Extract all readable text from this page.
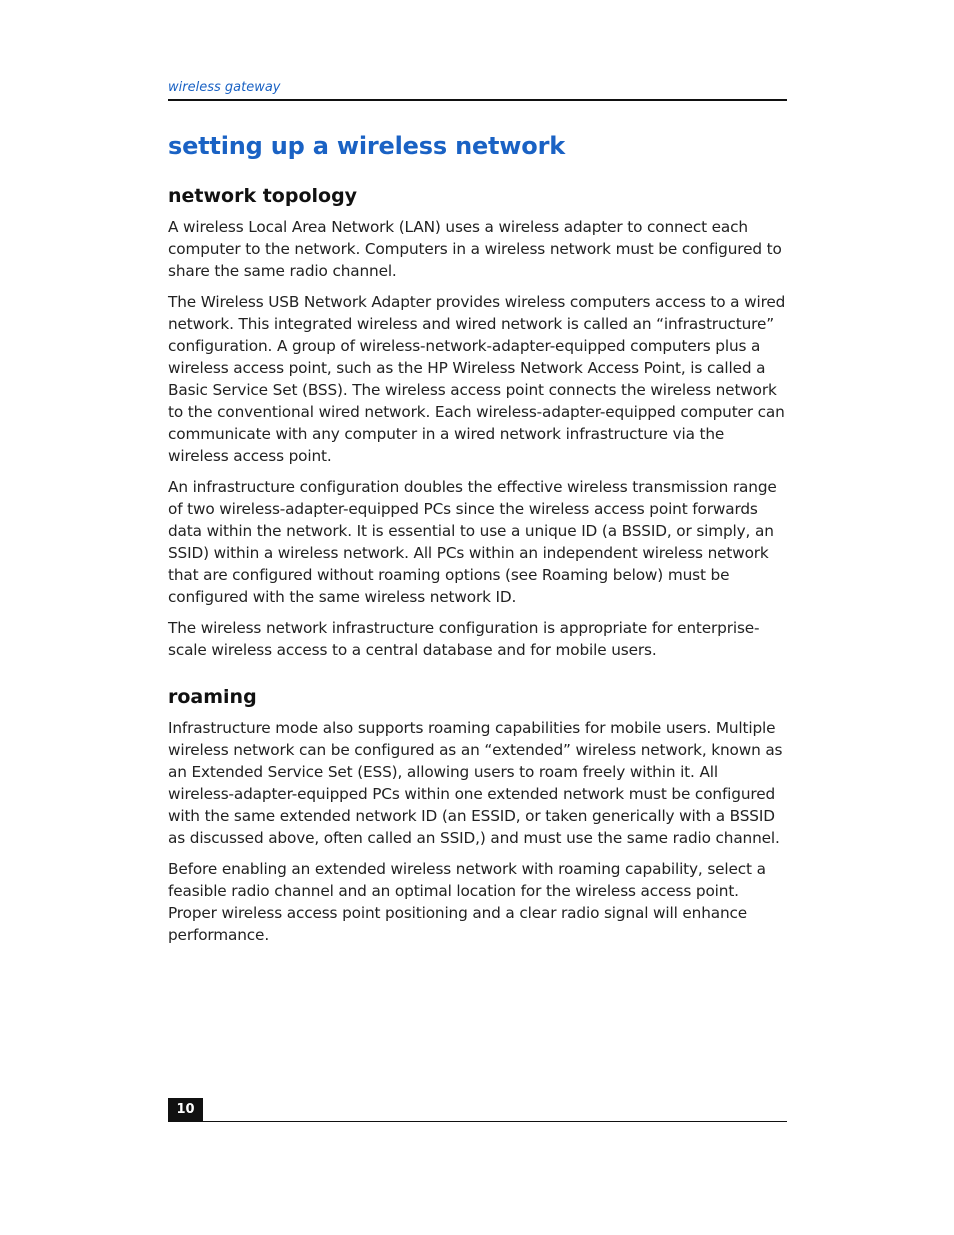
wireless gateway
setting up a wireless network
network topology

A wireless Local Area Network (LAN) uses a wireless adapter to connect each computer to the network. Computers in a wireless network must be configured to share the same radio channel.

The Wireless USB Network Adapter provides wireless computers access to a wired network. This integrated wireless and wired network is called an “infrastructure” configuration. A group of wireless-network-adapter-equipped computers plus a wireless access point, such as the HP Wireless Network Access Point, is called a Basic Service Set (BSS). The wireless access point connects the wireless network to the conventional wired network. Each wireless-adapter-equipped computer can communicate with any computer in a wired network infrastructure via the wireless access point.

An infrastructure configuration doubles the effective wireless transmission range of two wireless-adapter-equipped PCs since the wireless access point forwards data within the network. It is essential to use a unique ID (a BSSID, or simply, an SSID) within a wireless network. All PCs within an independent wireless network that are configured without roaming options (see Roaming below) must be configured with the same wireless network ID.

The wireless network infrastructure configuration is appropriate for enterprise-scale wireless access to a central database and for mobile users.

roaming

Infrastructure mode also supports roaming capabilities for mobile users. Multiple wireless network can be configured as an “extended” wireless network, known as an Extended Service Set (ESS), allowing users to roam freely within it. All wireless-adapter-equipped PCs within one extended network must be configured with the same extended network ID (an ESSID, or taken generically with a BSSID as discussed above, often called an SSID,) and must use the same radio channel.

Before enabling an extended wireless network with roaming capability, select a feasible radio channel and an optimal location for the wireless access point. Proper wireless access point positioning and a clear radio signal will enhance performance.

10
